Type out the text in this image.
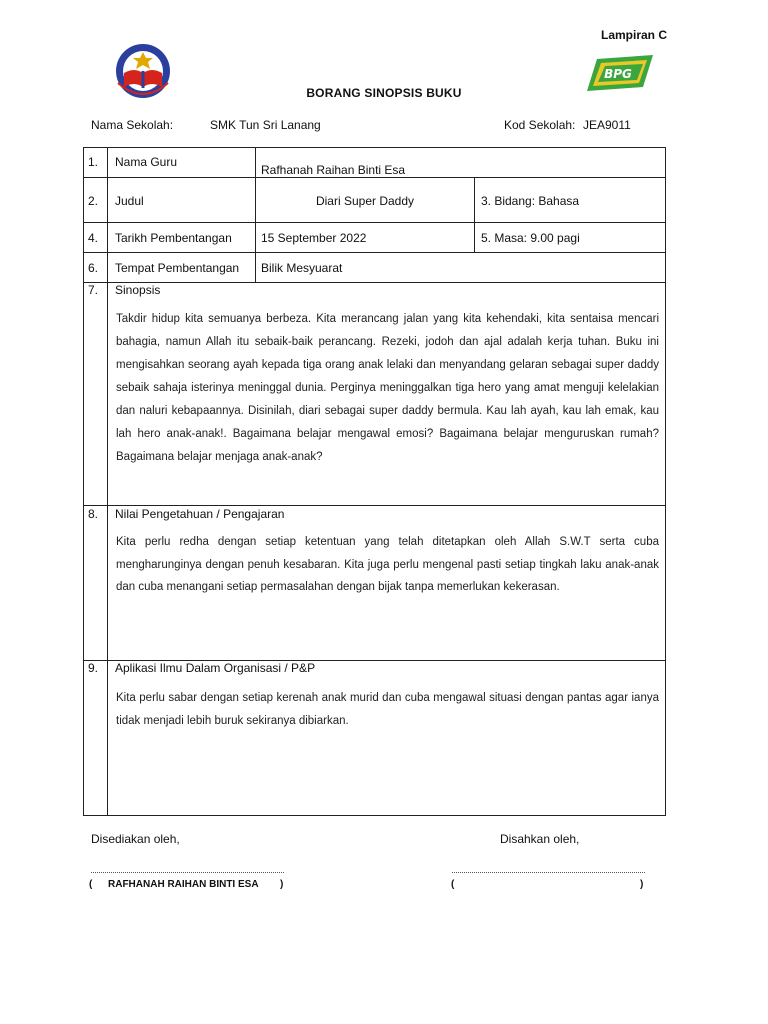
Lampiran C
BPG
BORANG SINOPSIS BUKU
Nama Sekolah:	SMK Tun Sri Lanang	Kod Sekolah: JEA9011
1. Nama Guru
Rafhanah Raihan Binti Esa
2. Judul	Diari Super Daddy	3. Bidang: Bahasa
4. Tarikh Pembentangan 15 September 2022	5. Masa: 9.00 pagi
6. Tempat Pembentangan Bilik Mesyuarat
7. Sinopsis
Takdir hidup kita semuanya berbeza. Kita merancang jalan yang kita kehendaki, kita sentaisa mencari bahagia, namun Allah itu sebaik-baik perancang. Rezeki, jodoh dan ajal adalah kerja tuhan. Buku ini mengisahkan seorang ayah kepada tiga orang anak lelaki dan menyandang gelaran sebagai super daddy sebaik sahaja isterinya meninggal dunia. Perginya meninggalkan tiga hero yang amat menguji kelelakian dan naluri kebapaannya. Disinilah, diari sebagai super daddy bermula. Kau lah ayah, kau lah emak, kau lah hero anak-anak!. Bagaimana belajar mengawal emosi? Bagaimana belajar menguruskan rumah? Bagaimana belajar menjaga anak-anak?
8. Nilai Pengetahuan / Pengajaran
Kita perlu redha dengan setiap ketentuan yang telah ditetapkan oleh Allah S.W.T serta cuba mengharunginya dengan penuh kesabaran. Kita juga perlu mengenal pasti setiap tingkah laku anak-anak dan cuba menangani setiap permasalahan dengan bijak tanpa memerlukan kekerasan.
9. Aplikasi Ilmu Dalam Organisasi / P&P
Kita perlu sabar dengan setiap kerenah anak murid dan cuba mengawal situasi dengan pantas agar ianya tidak menjadi lebih buruk sekiranya dibiarkan.
Disediakan oleh,	Disahkan oleh,
( RAFHANAH RAIHAN BINTI ESA )	(	)
